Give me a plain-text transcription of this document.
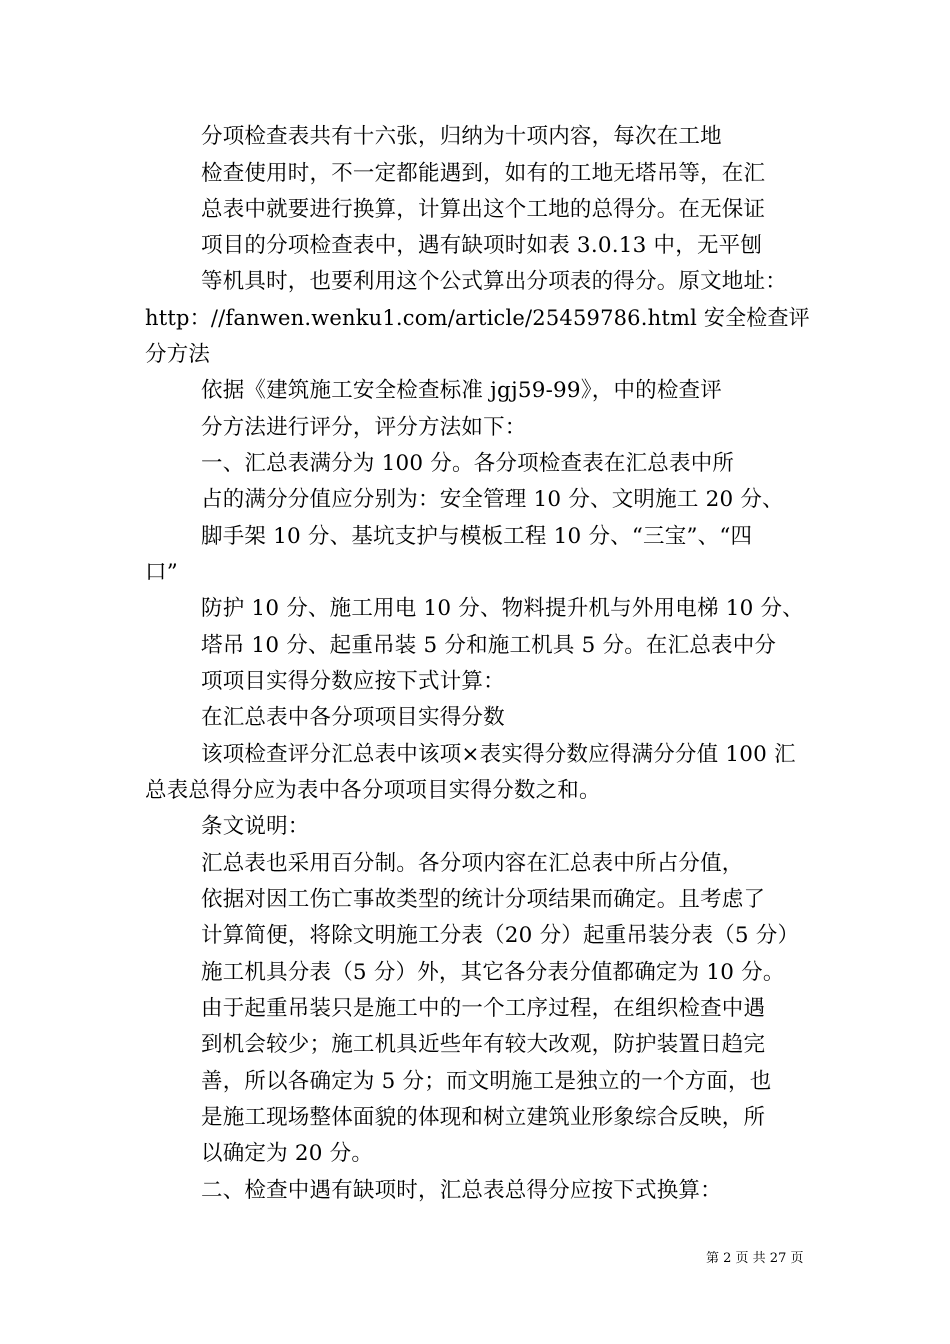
分项检查表共有十六张，归纳为十项内容，每次在工地
检查使用时，不一定都能遇到，如有的工地无塔吊等，在汇
总表中就要进行换算，计算出这个工地的总得分。在无保证
项目的分项检查表中，遇有缺项时如表 3.0.13 中，无平刨
等机具时，也要利用这个公式算出分项表的得分。原文地址：
http：//fanwen.wenku1.com/article/25459786.html 安全检查评
分方法
依据《建筑施工安全检查标准 jgj59-99》，中的检查评
分方法进行评分，评分方法如下：
一、汇总表满分为 100 分。各分项检查表在汇总表中所
占的满分分值应分别为：安全管理 10 分、文明施工 20 分、
脚手架 10 分、基坑支护与模板工程 10 分、“三宝”、“四
口”
防护 10 分、施工用电 10 分、物料提升机与外用电梯 10 分、
塔吊 10 分、起重吊装 5 分和施工机具 5 分。在汇总表中分
项项目实得分数应按下式计算：
在汇总表中各分项项目实得分数
该项检查评分汇总表中该项×表实得分数应得满分分值 100 汇
总表总得分应为表中各分项项目实得分数之和。
条文说明：
汇总表也采用百分制。各分项内容在汇总表中所占分值，
依据对因工伤亡事故类型的统计分项结果而确定。且考虑了
计算简便，将除文明施工分表（20 分）起重吊装分表（5 分）
施工机具分表（5 分）外，其它各分表分值都确定为 10 分。
由于起重吊装只是施工中的一个工序过程，在组织检查中遇
到机会较少；施工机具近些年有较大改观，防护装置日趋完
善，所以各确定为 5 分；而文明施工是独立的一个方面，也
是施工现场整体面貌的体现和树立建筑业形象综合反映，所
以确定为 20 分。
二、检查中遇有缺项时，汇总表总得分应按下式换算：
第 2 页 共 27 页
